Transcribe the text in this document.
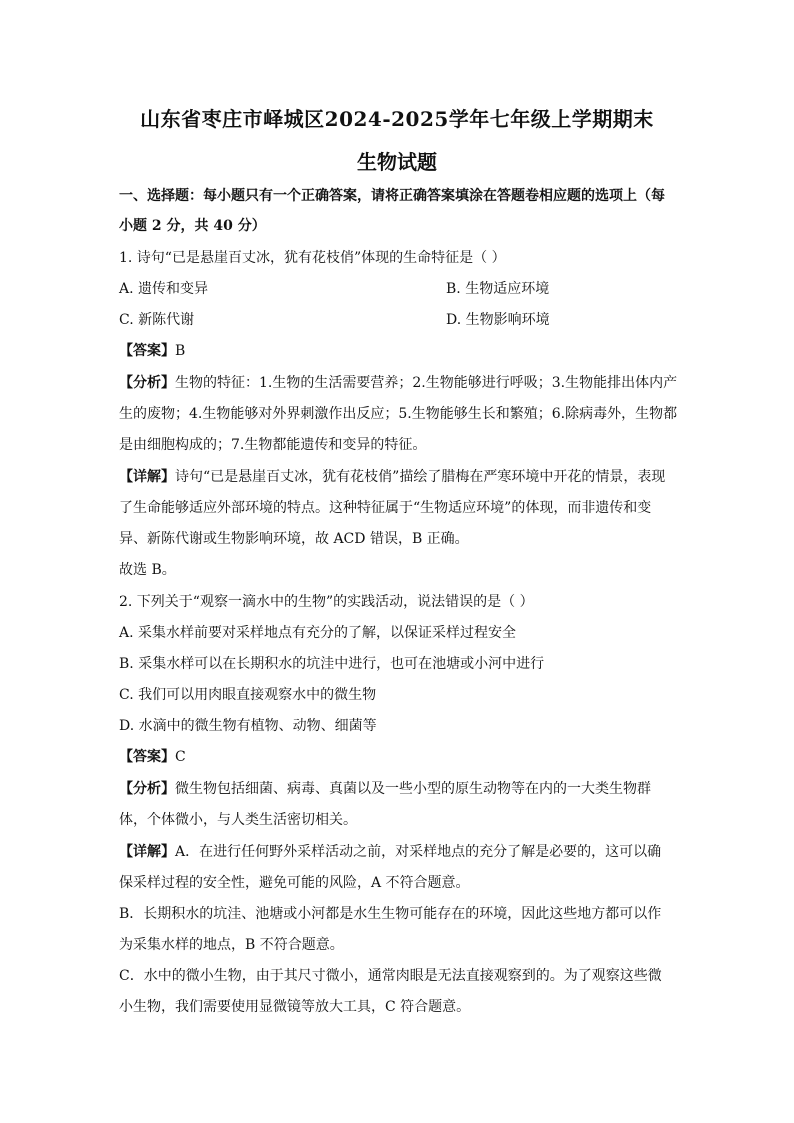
山东省枣庄市峄城区2024-2025学年七年级上学期期末
生物试题
一、选择题：每小题只有一个正确答案，请将正确答案填涂在答题卷相应题的选项上（每
小题 2 分，共 40 分）
1. 诗句“已是悬崖百丈冰，犹有花枝俏”体现的生命特征是（ ）
A. 遗传和变异	B. 生物适应环境
C. 新陈代谢	D. 生物影响环境
【答案】B
【分析】生物的特征：1.生物的生活需要营养；2.生物能够进行呼吸；3.生物能排出体内产
生的废物；4.生物能够对外界刺激作出反应；5.生物能够生长和繁殖；6.除病毒外，生物都
是由细胞构成的；7.生物都能遗传和变异的特征。
【详解】诗句“已是悬崖百丈冰，犹有花枝俏”描绘了腊梅在严寒环境中开花的情景，表现
了生命能够适应外部环境的特点。这种特征属于“生物适应环境”的体现，而非遗传和变
异、新陈代谢或生物影响环境，故 ACD 错误，B 正确。
故选 B。
2. 下列关于“观察一滴水中的生物”的实践活动，说法错误的是（ ）
A. 采集水样前要对采样地点有充分的了解，以保证采样过程安全
B. 采集水样可以在长期积水的坑洼中进行，也可在池塘或小河中进行
C. 我们可以用肉眼直接观察水中的微生物
D. 水滴中的微生物有植物、动物、细菌等
【答案】C
【分析】微生物包括细菌、病毒、真菌以及一些小型的原生动物等在内的一大类生物群
体，个体微小，与人类生活密切相关。
【详解】A．在进行任何野外采样活动之前，对采样地点的充分了解是必要的，这可以确
保采样过程的安全性，避免可能的风险，A 不符合题意。
B．长期积水的坑洼、池塘或小河都是水生生物可能存在的环境，因此这些地方都可以作
为采集水样的地点，B 不符合题意。
C．水中的微小生物，由于其尺寸微小，通常肉眼是无法直接观察到的。为了观察这些微
小生物，我们需要使用显微镜等放大工具，C 符合题意。
